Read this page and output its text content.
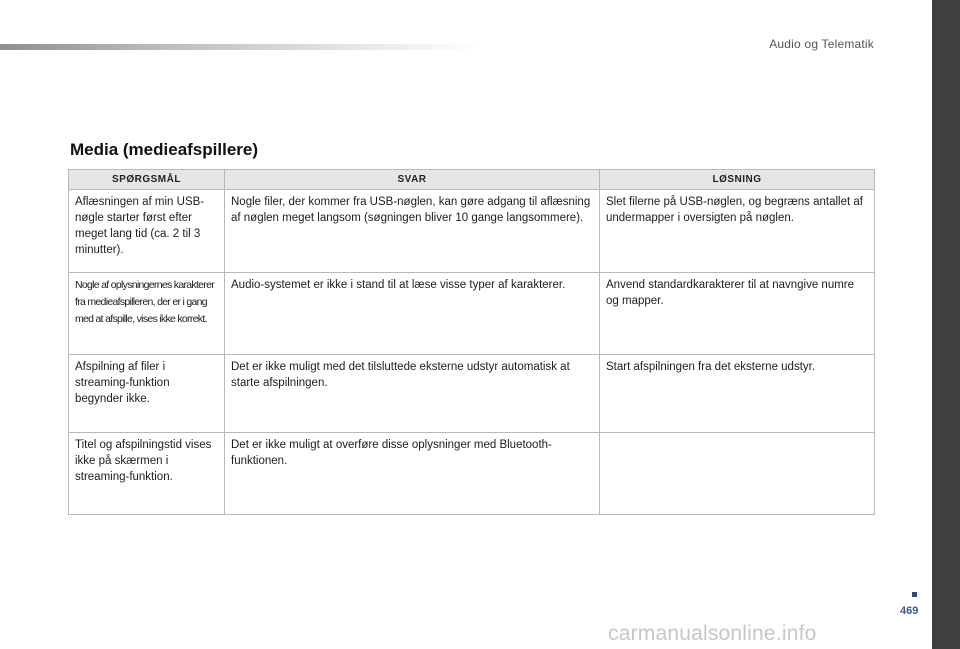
Audio og Telematik
Media (medieafspillere)
SPØRGSMÅL	SVAR	LØSNING
Aflæsningen af min USB-nøgle starter først efter meget lang tid (ca. 2 til 3 minutter).	Nogle filer, der kommer fra USB-nøglen, kan gøre adgang til aflæsning af nøglen meget langsom (søgningen bliver 10 gange langsommere).	Slet filerne på USB-nøglen, og begræns antallet af undermapper i oversigten på nøglen.
Nogle af oplysningernes karakterer fra medieafspilleren, der er i gang med at afspille, vises ikke korrekt.	Audio-systemet er ikke i stand til at læse visse typer af karakterer.	Anvend standardkarakterer til at navngive numre og mapper.
Afspilning af filer i streaming-funktion begynder ikke.	Det er ikke muligt med det tilsluttede eksterne udstyr automatisk at starte afspilningen.	Start afspilningen fra det eksterne udstyr.
Titel og afspilningstid vises ikke på skærmen i streaming-funktion.	Det er ikke muligt at overføre disse oplysninger med Bluetooth-funktionen.	
469
carmanualsonline.info
